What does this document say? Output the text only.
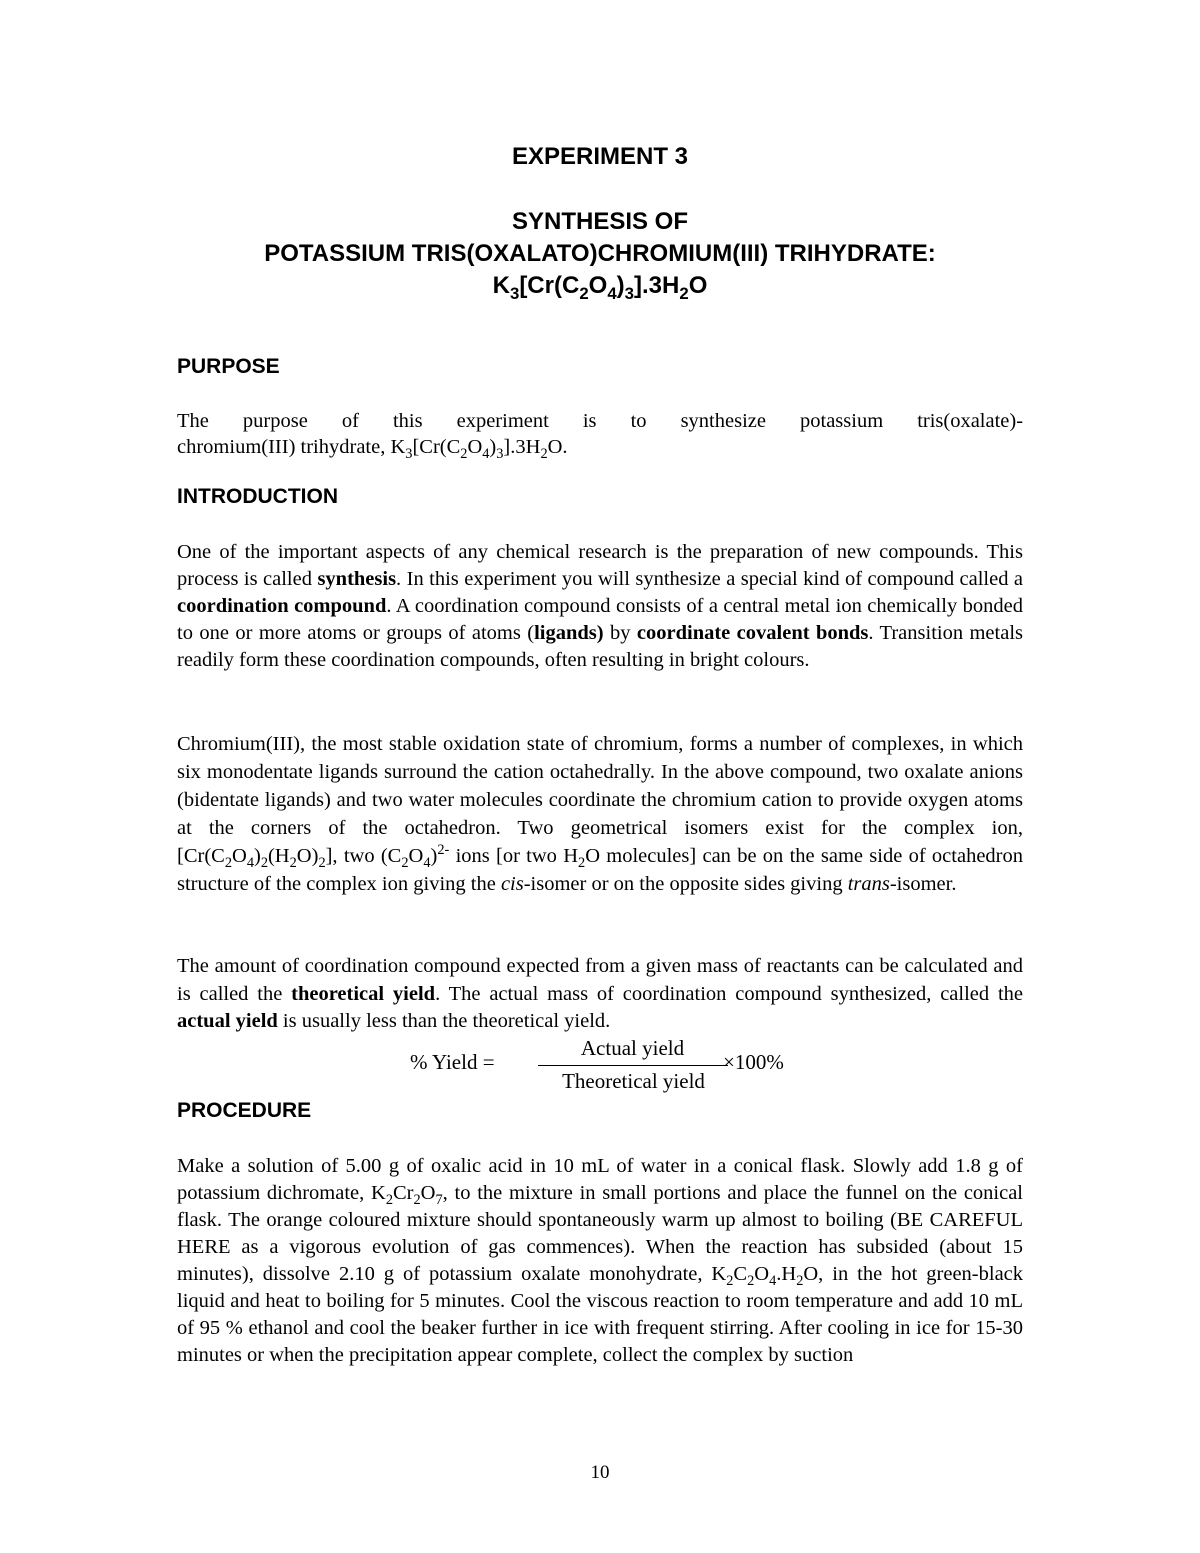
EXPERIMENT 3
SYNTHESIS OF
POTASSIUM TRIS(OXALATO)CHROMIUM(III) TRIHYDRATE:
$K_3[Cr(C_2O_4)_3].3H_2O$
PURPOSE
The purpose of this experiment is to synthesize potassium tris(oxalate)-
chromium(III) trihydrate, $K_3[Cr(C_2O_4)_3].3H_2O$.
INTRODUCTION

One of the important aspects of any chemical research is the preparation of new compounds. This process is called synthesis. In this experiment you will synthesize a special kind of compound called a coordination compound. A coordination compound consists of a central metal ion chemically bonded to one or more atoms or groups of atoms (ligands) by coordinate covalent bonds. Transition metals readily form these coordination compounds, often resulting in bright colours.

Chromium(III), the most stable oxidation state of chromium, forms a number of complexes, in which six monodentate ligands surround the cation octahedrally. In the above compound, two oxalate anions (bidentate ligands) and two water molecules coordinate the chromium cation to provide oxygen atoms at the corners of the octahedron. Two geometrical isomers exist for the complex ion, $[Cr(C_2O_4)_2(H_2O)_2]$, two $(C_2O_4)^{2-}$ ions [or two $H_2O$ molecules] can be on the same side of octahedron structure of the complex ion giving the cis-isomer or on the opposite sides giving trans-isomer.

The amount of coordination compound expected from a given mass of reactants can be calculated and is called the theoretical yield. The actual mass of coordination compound synthesized, called the actual yield is usually less than the theoretical yield.

% Yield =
Actual yield
Theoretical yield
×100%
PROCEDURE

Make a solution of 5.00 g of oxalic acid in 10 mL of water in a conical flask. Slowly add 1.8 g of potassium dichromate, $K_2Cr_2O_7$, to the mixture in small portions and place the funnel on the conical flask. The orange coloured mixture should spontaneously warm up almost to boiling (BE CAREFUL HERE as a vigorous evolution of gas commences). When the reaction has subsided (about 15 minutes), dissolve 2.10 g of potassium oxalate monohydrate, $K_2C_2O_4.H_2O$, in the hot green-black liquid and heat to boiling for 5 minutes. Cool the viscous reaction to room temperature and add 10 mL of 95 % ethanol and cool the beaker further in ice with frequent stirring. After cooling in ice for 15-30 minutes or when the precipitation appear complete, collect the complex by suction

10
